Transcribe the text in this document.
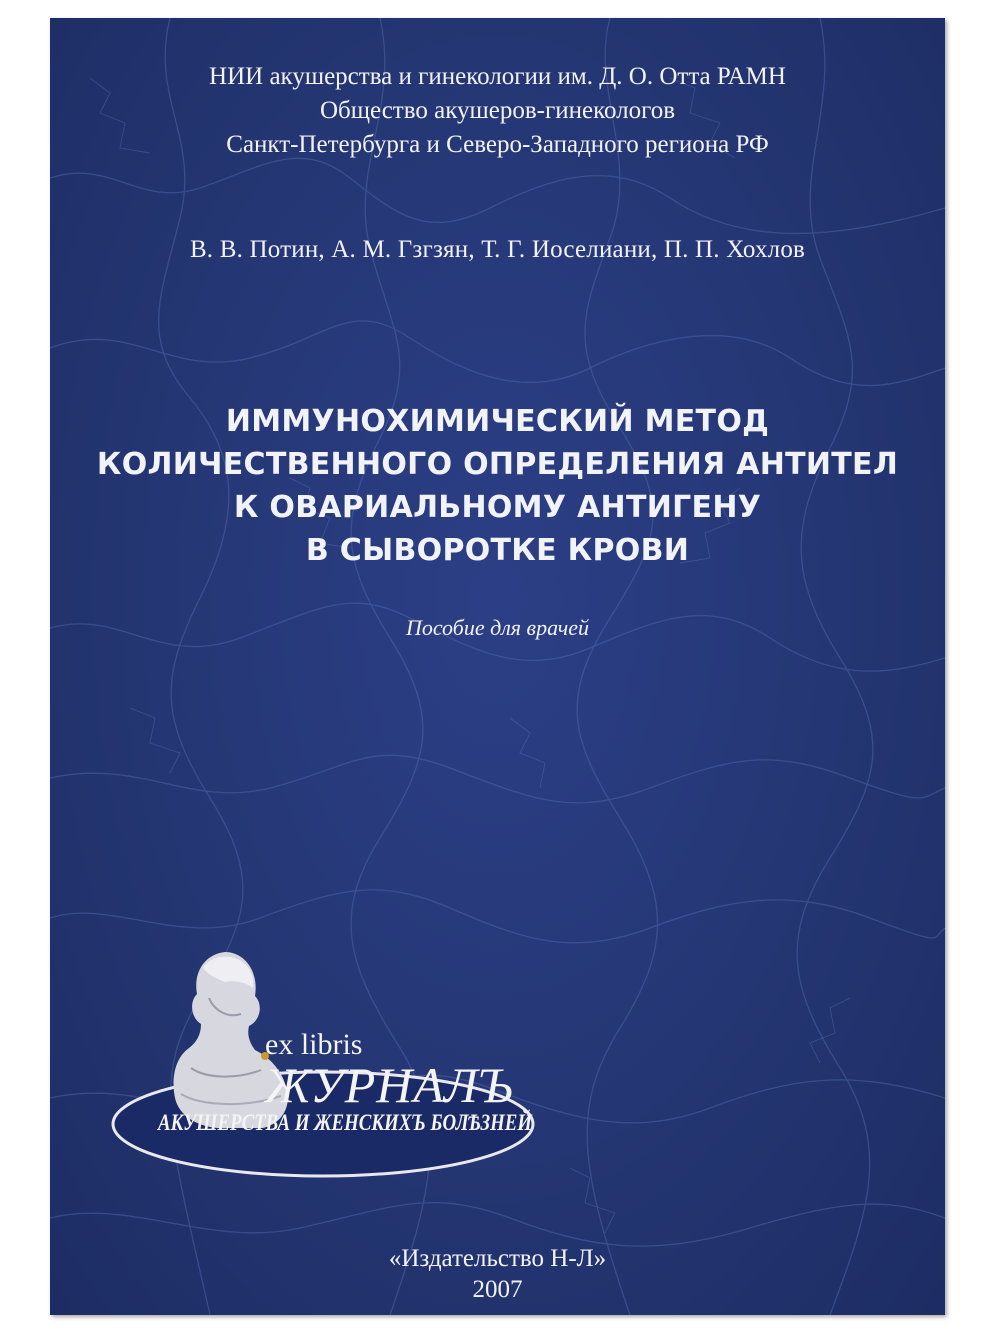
НИИ акушерства и гинекологии им. Д. О. Отта РАМН
Общество акушеров-гинекологов
Санкт-Петербурга и Северо-Западного региона РФ
В. В. Потин, А. М. Гзгзян, Т. Г. Иоселиани, П. П. Хохлов
ИММУНОХИМИЧЕСКИЙ МЕТОД
КОЛИЧЕСТВЕННОГО ОПРЕДЕЛЕНИЯ АНТИТЕЛ
К ОВАРИАЛЬНОМУ АНТИГЕНУ
В СЫВОРОТКЕ КРОВИ
Пособие для врачей
ex libris
ЖУРНАЛЪ
АКУШЕРСТВА И ЖЕНСКИХЪ БОЛѢЗНЕЙ
«Издательство Н-Л»
2007
